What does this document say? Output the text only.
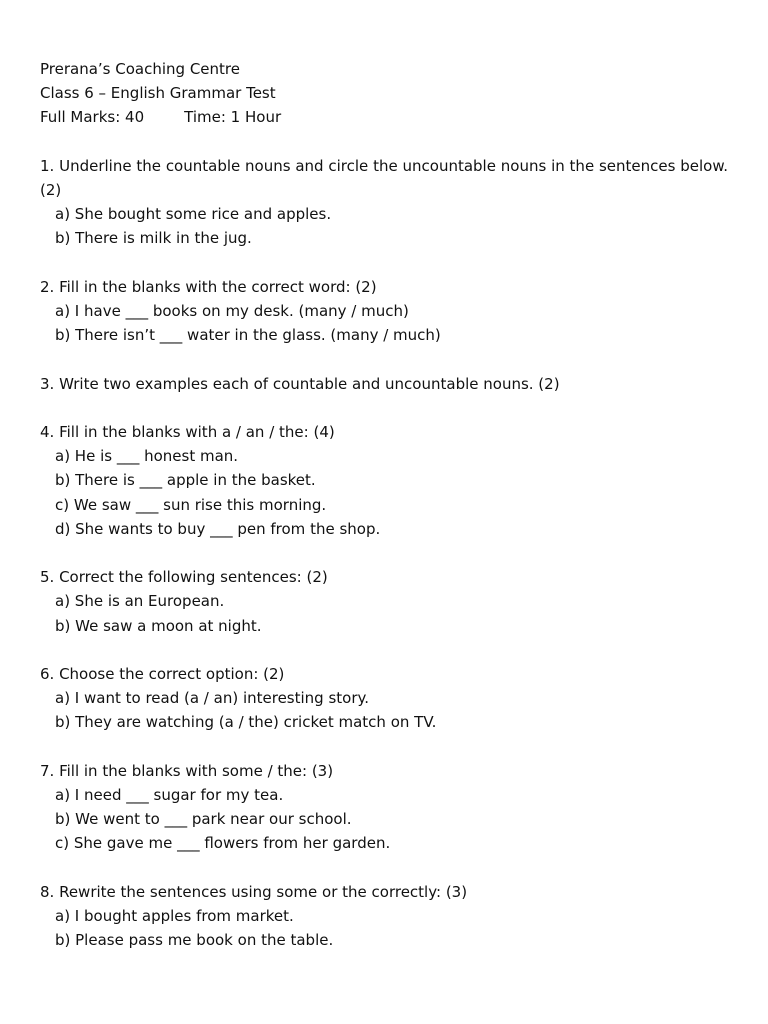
Prerana’s Coaching Centre
Class 6 – English Grammar Test
Full Marks: 40	Time: 1 Hour
1. Underline the countable nouns and circle the uncountable nouns in the sentences below. (2)
a) She bought some rice and apples.
b) There is milk in the jug.
2. Fill in the blanks with the correct word: (2)
a) I have ___ books on my desk. (many / much)
b) There isn’t ___ water in the glass. (many / much)
3. Write two examples each of countable and uncountable nouns. (2)
4. Fill in the blanks with a / an / the: (4)
a) He is ___ honest man.
b) There is ___ apple in the basket.
c) We saw ___ sun rise this morning.
d) She wants to buy ___ pen from the shop.
5. Correct the following sentences: (2)
a) She is an European.
b) We saw a moon at night.
6. Choose the correct option: (2)
a) I want to read (a / an) interesting story.
b) They are watching (a / the) cricket match on TV.
7. Fill in the blanks with some / the: (3)
a) I need ___ sugar for my tea.
b) We went to ___ park near our school.
c) She gave me ___ flowers from her garden.
8. Rewrite the sentences using some or the correctly: (3)
a) I bought apples from market.
b) Please pass me book on the table.
